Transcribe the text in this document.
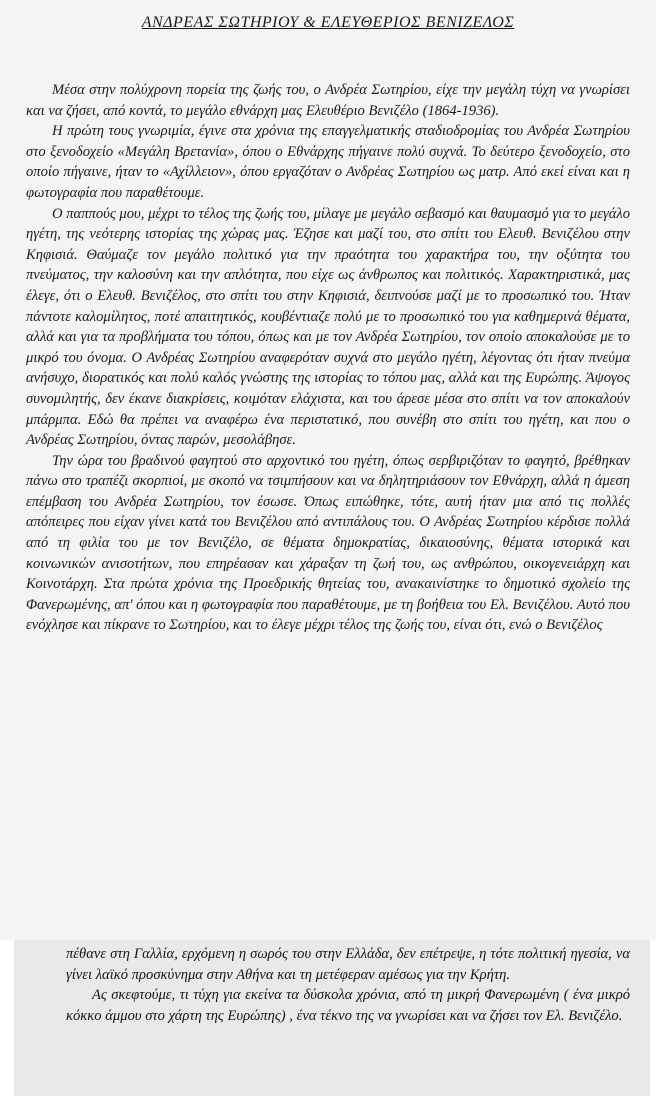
ΑΝΔΡΕΑΣ ΣΩΤΗΡΙΟΥ & ΕΛΕΥΘΕΡΙΟΣ ΒΕΝΙΖΕΛΟΣ

Μέσα στην πολύχρονη πορεία της ζωής του, ο Ανδρέα Σωτηρίου, είχε την μεγάλη τύχη να γνωρίσει και να ζήσει, από κοντά, το μεγάλο εθνάρχη μας Ελευθέριο Βενιζέλο (1864-1936).

Η πρώτη τους γνωριμία, έγινε στα χρόνια της επαγγελματικής σταδιοδρομίας του Ανδρέα Σωτηρίου στο ξενοδοχείο «Μεγάλη Βρετανία», όπου ο Εθνάρχης πήγαινε πολύ συχνά. Το δεύτερο ξενοδοχείο, στο οποίο πήγαινε, ήταν το «Αχίλλειον», όπου εργαζόταν ο Ανδρέας Σωτηρίου ως ματρ. Από εκεί είναι και η φωτογραφία που παραθέτουμε.

Ο παππούς μου, μέχρι το τέλος της ζωής του, μίλαγε με μεγάλο σεβασμό και θαυμασμό για το μεγάλο ηγέτη, της νεότερης ιστορίας της χώρας μας. Έζησε και μαζί του, στο σπίτι του Ελευθ. Βενιζέλου στην Κηφισιά. Θαύμαζε τον μεγάλο πολιτικό για την πραότητα του χαρακτήρα του, την οξύτητα του πνεύματος, την καλοσύνη και την απλότητα, που είχε ως άνθρωπος και πολιτικός. Χαρακτηριστικά, μας έλεγε, ότι ο Ελευθ. Βενιζέλος, στο σπίτι του στην Κηφισιά, δειπνούσε μαζί με το προσωπικό του. Ήταν πάντοτε καλομίλητος, ποτέ απαιτητικός, κουβέντιαζε πολύ με το προσωπικό του για καθημερινά θέματα, αλλά και για τα προβλήματα του τόπου, όπως και με τον Ανδρέα Σωτηρίου, τον οποίο αποκαλούσε με το μικρό του όνομα. Ο Ανδρέας Σωτηρίου αναφερόταν συχνά στο μεγάλο ηγέτη, λέγοντας ότι ήταν πνεύμα ανήσυχο, διορατικός και πολύ καλός γνώστης της ιστορίας το τόπου μας, αλλά και της Ευρώπης. Άψογος συνομιλητής, δεν έκανε διακρίσεις, κοιμόταν ελάχιστα, και του άρεσε μέσα στο σπίτι να τον αποκαλούν μπάρμπα. Εδώ θα πρέπει να αναφέρω ένα περιστατικό, που συνέβη στο σπίτι του ηγέτη, και που ο Ανδρέας Σωτηρίου, όντας παρών, μεσολάβησε.

Την ώρα του βραδινού φαγητού στο αρχοντικό του ηγέτη, όπως σερβιριζόταν το φαγητό, βρέθηκαν πάνω στο τραπέζι σκορπιοί, με σκοπό να τσιμπήσουν και να δηλητηριάσουν τον Εθνάρχη, αλλά η άμεση επέμβαση του Ανδρέα Σωτηρίου, τον έσωσε. Όπως ειπώθηκε, τότε, αυτή ήταν μια από τις πολλές απόπειρες που είχαν γίνει κατά του Βενιζέλου από αντιπάλους του. Ο Ανδρέας Σωτηρίου κέρδισε πολλά από τη φιλία του με τον Βενιζέλο, σε θέματα δημοκρατίας, δικαιοσύνης, θέματα ιστορικά και κοινωνικών ανισοτήτων, που επηρέασαν και χάραξαν τη ζωή του, ως ανθρώπου, οικογενειάρχη και Κοινοτάρχη. Στα πρώτα χρόνια της Προεδρικής θητείας του, ανακαινίστηκε το δημοτικό σχολείο της Φανερωμένης, απ' όπου και η φωτογραφία που παραθέτουμε, με τη βοήθεια του Ελ. Βενιζέλου. Αυτό που ενόχλησε και πίκρανε το Σωτηρίου, και το έλεγε μέχρι τέλος της ζωής του, είναι ότι, ενώ ο Βενιζέλος

πέθανε στη Γαλλία, ερχόμενη η σωρός του στην Ελλάδα, δεν επέτρεψε, η τότε πολιτική ηγεσία, να γίνει λαϊκό προσκύνημα στην Αθήνα και τη μετέφεραν αμέσως για την Κρήτη.

Ας σκεφτούμε, τι τύχη για εκείνα τα δύσκολα χρόνια, από τη μικρή Φανερωμένη ( ένα μικρό κόκκο άμμου στο χάρτη της Ευρώπης) , ένα τέκνο της να γνωρίσει και να ζήσει τον Ελ. Βενιζέλο.
